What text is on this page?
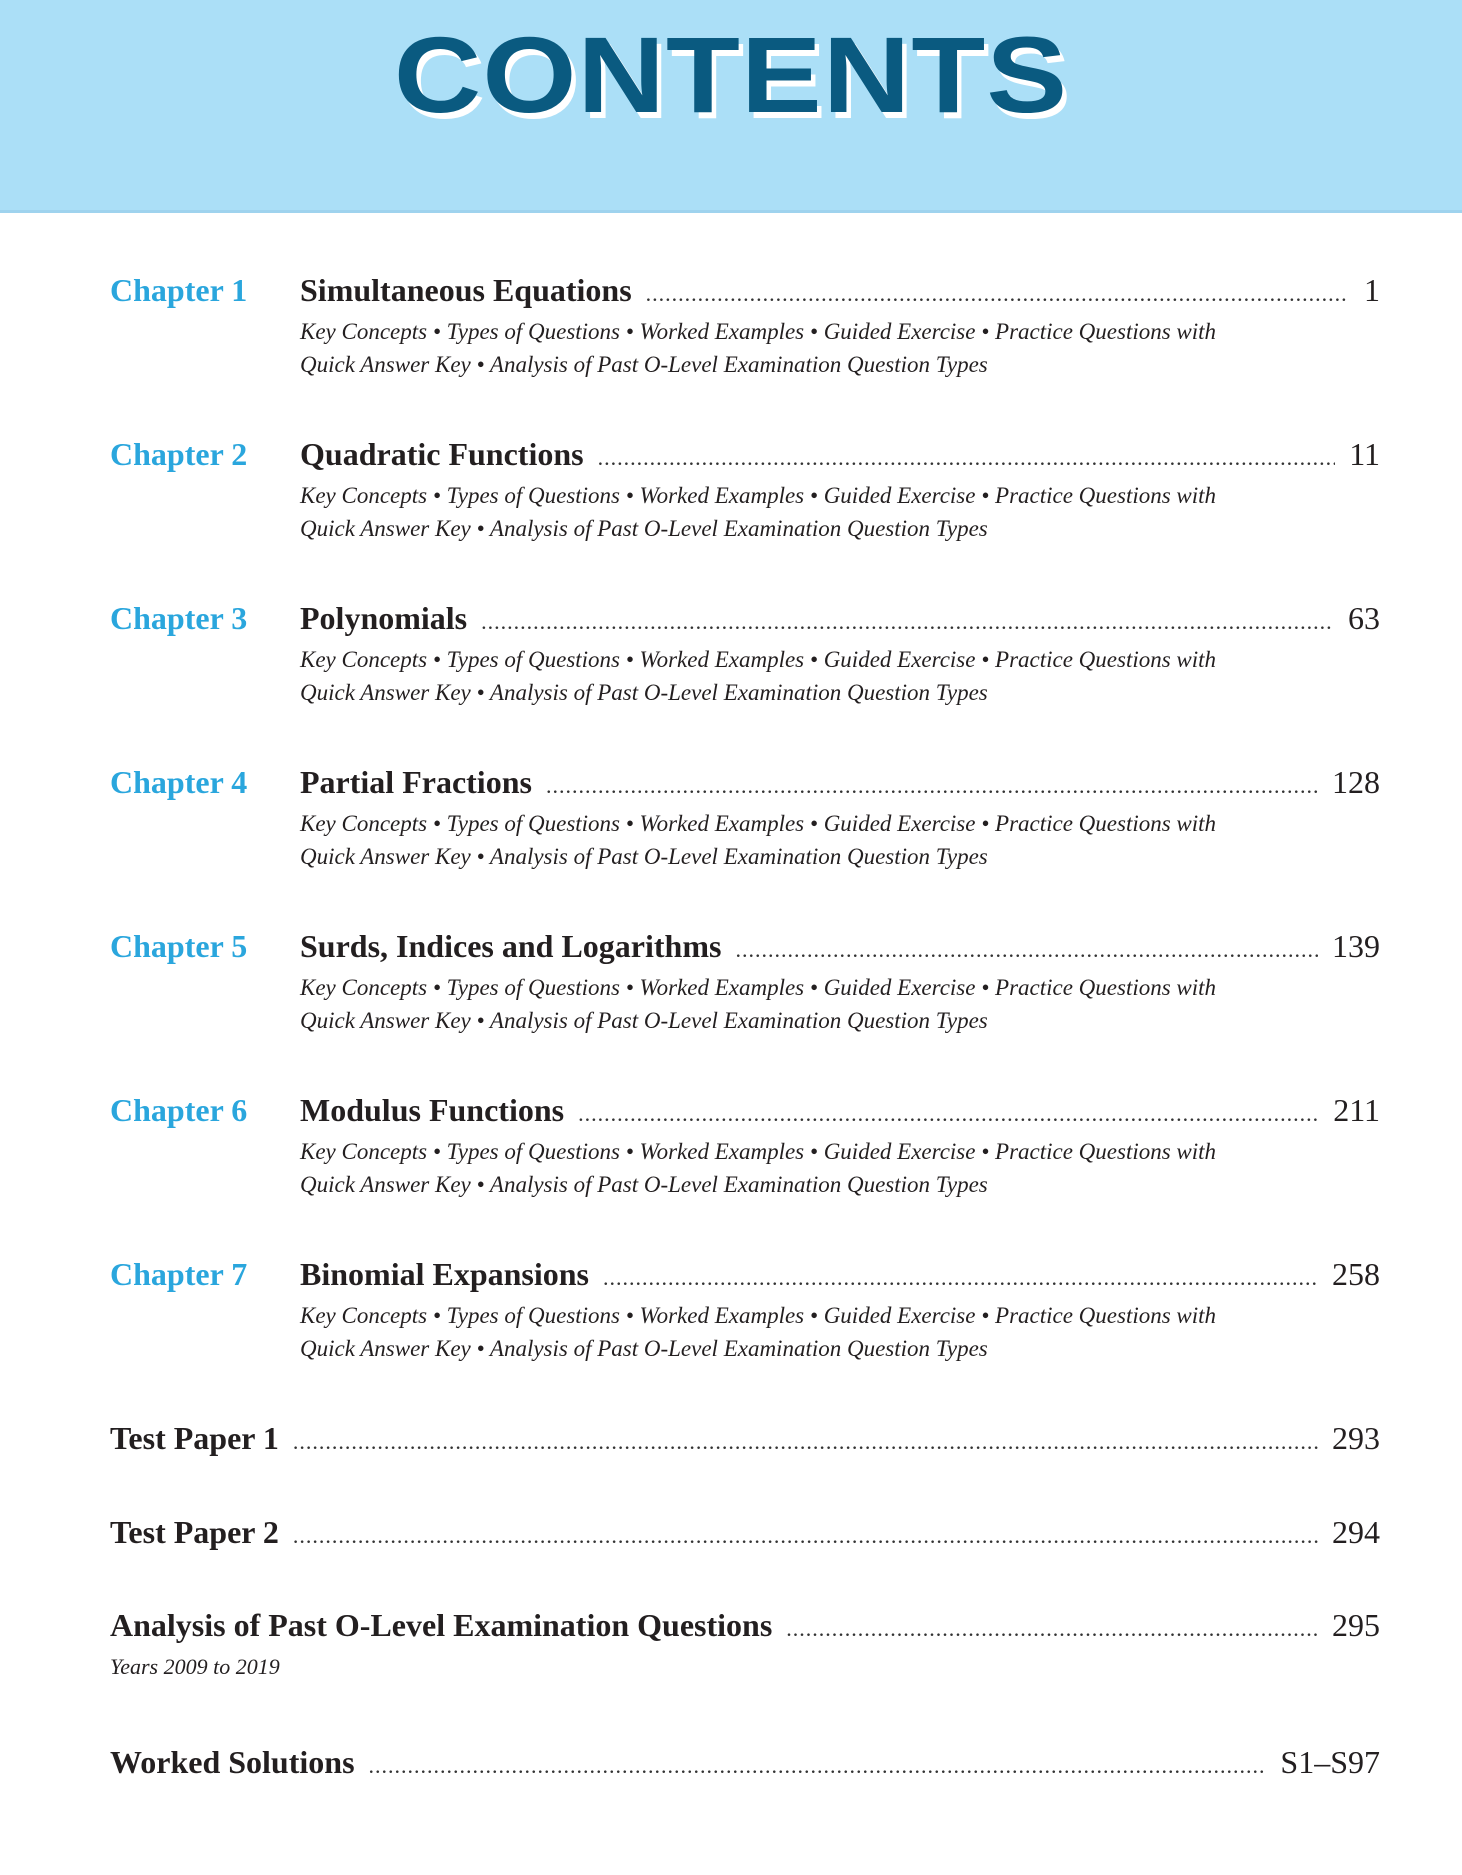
CONTENTS
Chapter 1	Simultaneous Equations .....	1
Key Concepts • Types of Questions • Worked Examples • Guided Exercise • Practice Questions with
Quick Answer Key • Analysis of Past O-Level Examination Question Types
Chapter 2	Quadratic Functions .....	11
Key Concepts • Types of Questions • Worked Examples • Guided Exercise • Practice Questions with
Quick Answer Key • Analysis of Past O-Level Examination Question Types
Chapter 3	Polynomials .....	63
Key Concepts • Types of Questions • Worked Examples • Guided Exercise • Practice Questions with
Quick Answer Key • Analysis of Past O-Level Examination Question Types
Chapter 4	Partial Fractions .....	128
Key Concepts • Types of Questions • Worked Examples • Guided Exercise • Practice Questions with
Quick Answer Key • Analysis of Past O-Level Examination Question Types
Chapter 5	Surds, Indices and Logarithms .....	139
Key Concepts • Types of Questions • Worked Examples • Guided Exercise • Practice Questions with
Quick Answer Key • Analysis of Past O-Level Examination Question Types
Chapter 6	Modulus Functions .....	211
Key Concepts • Types of Questions • Worked Examples • Guided Exercise • Practice Questions with
Quick Answer Key • Analysis of Past O-Level Examination Question Types
Chapter 7	Binomial Expansions .....	258
Key Concepts • Types of Questions • Worked Examples • Guided Exercise • Practice Questions with
Quick Answer Key • Analysis of Past O-Level Examination Question Types
Test Paper 1 .....	293
Test Paper 2 .....	294
Analysis of Past O-Level Examination Questions .....	295
Years 2009 to 2019
Worked Solutions .....	S1–S97
